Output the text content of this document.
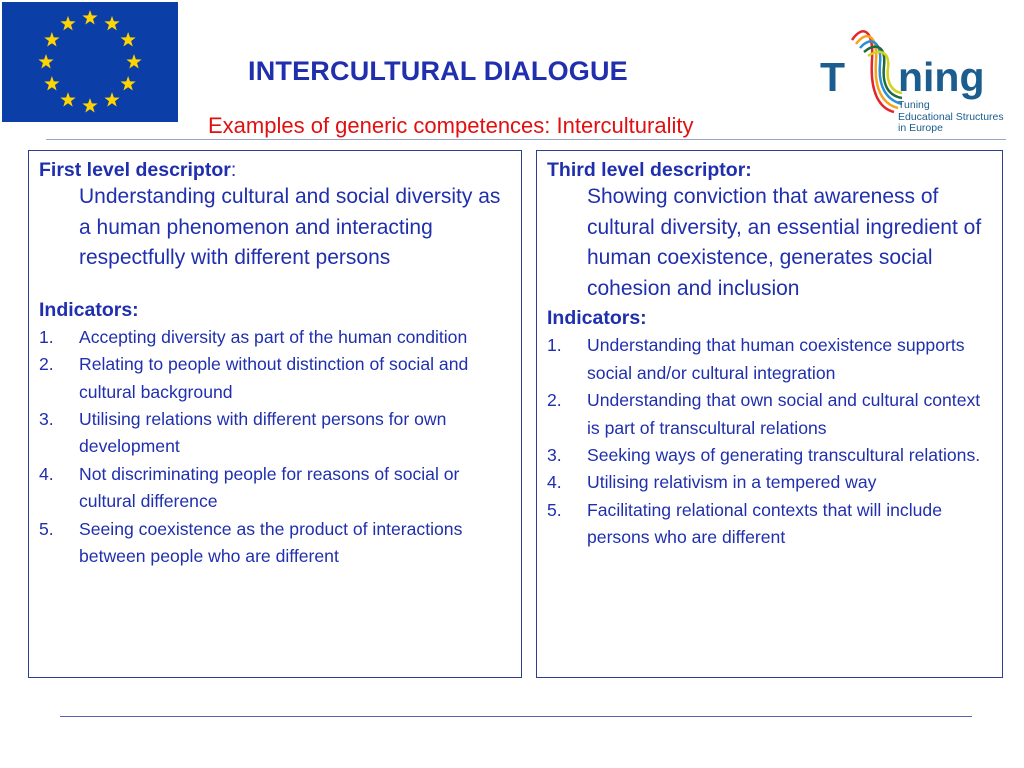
INTERCULTURAL DIALOGUE
Examples of generic competences: Interculturality
T ning
Tuning
Educational Structures
in Europe
First level descriptor:
Understanding cultural and social diversity as a human phenomenon and interacting respectfully with different persons
Indicators:
1.	Accepting diversity as part of the human condition
2.	Relating to people without distinction of social and cultural background
3.	Utilising relations with different persons for own development
4.	Not discriminating people for reasons of social or cultural difference
5.	Seeing coexistence as the product of interactions between people who are different
Third level descriptor:
Showing conviction that awareness of cultural diversity, an essential ingredient of human coexistence, generates social cohesion and inclusion
Indicators:
1.	Understanding that human coexistence supports social and/or cultural integration
2.	Understanding that own social and cultural context is part of transcultural relations
3.	Seeking ways of generating transcultural relations.
4.	Utilising relativism in a tempered way
5.	Facilitating relational contexts that will include persons who are different
